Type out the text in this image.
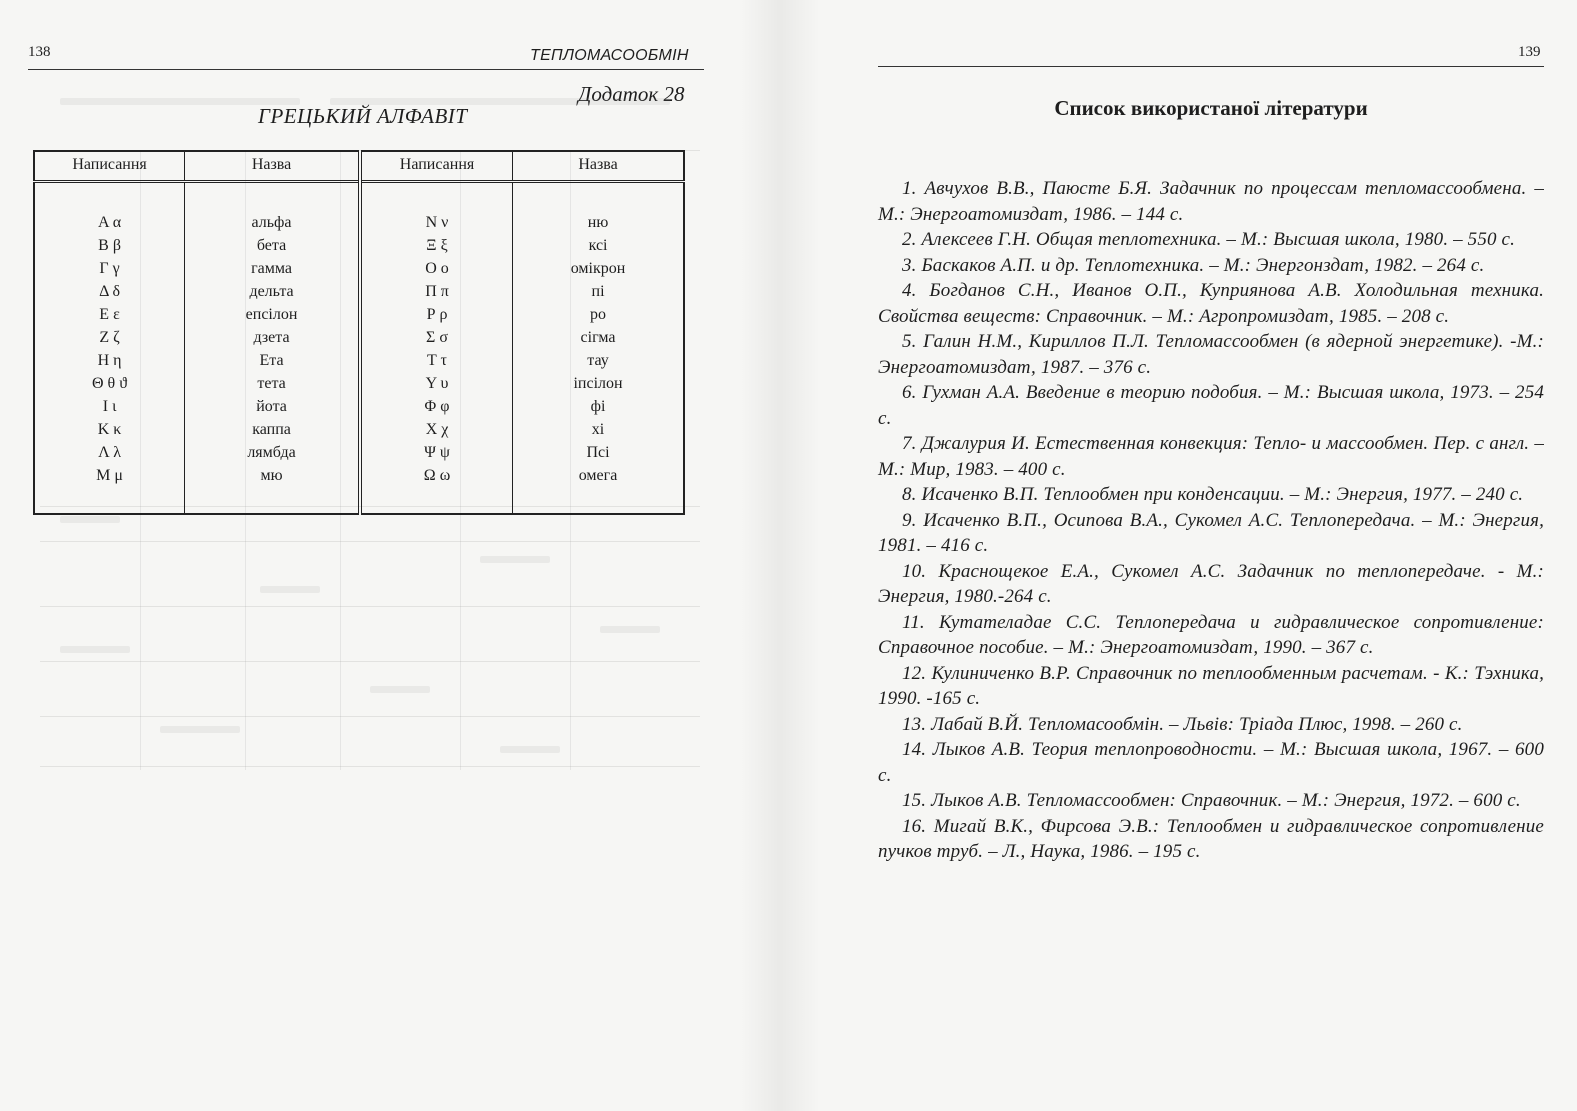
138	ТЕПЛОМАСООБМІН
Додаток 28
ГРЕЦЬКИЙ АЛФАВІТ
Написання	Назва	Написання	Назва
Α α	альфа	Ν ν	ню
Β β	бета	Ξ ξ	ксі
Γ γ	гамма	Ο ο	омікрон
Δ δ	дельта	Π π	пі
Ε ε	епсілон	Ρ ρ	ро
Ζ ζ	дзета	Σ σ	сігма
Η η	Ета	Τ τ	тау
Θ θ ϑ	тета	Υ υ	іпсілон
Ι ι	йота	Φ φ	фі
Κ κ	каппа	Χ χ	хі
Λ λ	лямбда	Ψ ψ	Псі
Μ μ	мю	Ω ω	омега
139
Список використаної літератури
1. Авчухов В.В., Паюсте Б.Я. Задачник по процессам тепломассообмена. – М.: Энергоатомиздат, 1986. – 144 с.
2. Алексеев Г.Н. Общая теплотехника. – М.: Высшая школа, 1980. – 550 с.
3. Баскаков А.П. и др. Теплотехника. – М.: Энергонздат, 1982. – 264 с.
4. Богданов С.Н., Иванов О.П., Куприянова А.В. Холодильная техника. Свойства веществ: Справочник. – М.: Агропромиздат, 1985. – 208 с.
5. Галин Н.М., Кириллов П.Л. Тепломассообмен (в ядерной энергетике). -М.: Энергоатомиздат, 1987. – 376 с.
6. Гухман А.А. Введение в теорию подобия. – М.: Высшая школа, 1973. – 254 с.
7. Джалурия И. Естественная конвекция: Тепло- и массообмен. Пер. с англ. – М.: Мир, 1983. – 400 с.
8. Исаченко В.П. Теплообмен при конденсации. – М.: Энергия, 1977. – 240 с.
9. Исаченко В.П., Осипова В.А., Сукомел А.С. Теплопередача. – М.: Энергия, 1981. – 416 с.
10. Краснощекое Е.А., Сукомел А.С. Задачник по теплопередаче. - М.: Энергия, 1980.-264 с.
11. Кутателадае С.С. Теплопередача и гидравлическое сопротивление: Справочное пособие. – М.: Энергоатомиздат, 1990. – 367 с.
12. Кулиниченко В.Р. Справочник по теплообменным расчетам. - К.: Тэхника, 1990. -165 с.
13. Лабай В.Й. Тепломасообмін. – Львів: Тріада Плюс, 1998. – 260 с.
14. Лыков А.В. Теория теплопроводности. – М.: Высшая школа, 1967. – 600 с.
15. Лыков А.В. Тепломассообмен: Справочник. – М.: Энергия, 1972. – 600 с.
16. Мигай В.К., Фирсова Э.В.: Теплообмен и гидравлическое сопротивление пучков труб. – Л., Наука, 1986. – 195 с.
